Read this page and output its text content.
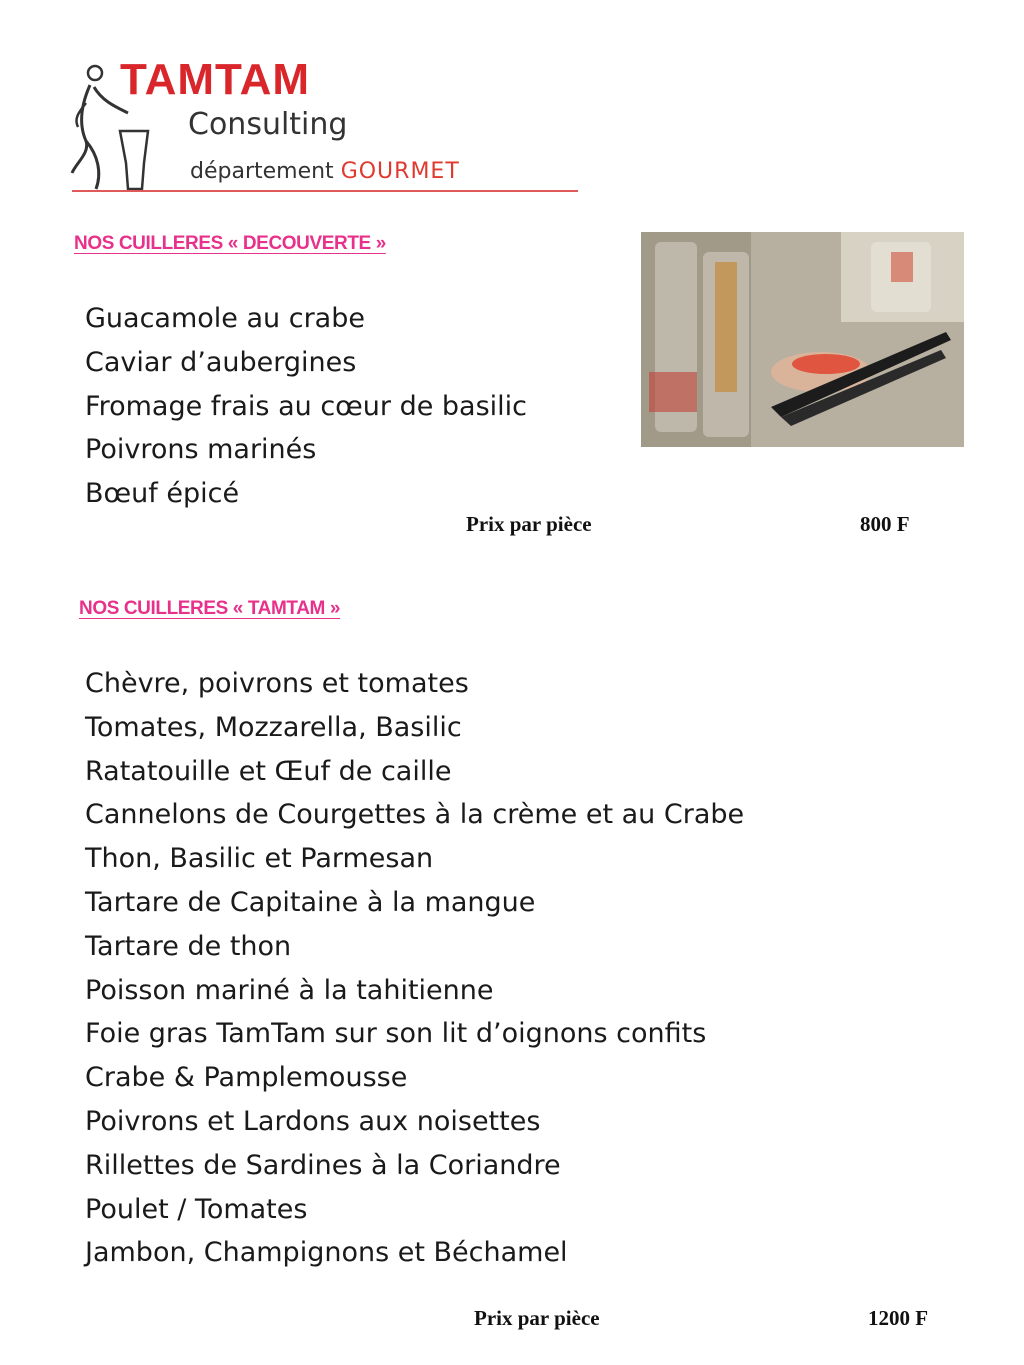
TAMTAM
Consulting
département GOURMET
NOS CUILLERES « DECOUVERTE »
Guacamole au crabe
Caviar d’aubergines
Fromage frais au cœur de basilic
Poivrons marinés
Bœuf épicé
Prix par pièce	800 F
NOS CUILLERES « TAMTAM »
Chèvre, poivrons et tomates
Tomates, Mozzarella, Basilic
Ratatouille et Œuf de caille
Cannelons de Courgettes à la crème et au Crabe
Thon, Basilic et Parmesan
Tartare de Capitaine à la mangue
Tartare de thon
Poisson mariné à la tahitienne
Foie gras TamTam sur son lit d’oignons confits
Crabe & Pamplemousse
Poivrons et Lardons aux noisettes
Rillettes de Sardines à la Coriandre
Poulet / Tomates
Jambon, Champignons et Béchamel
Prix par pièce	1200 F
